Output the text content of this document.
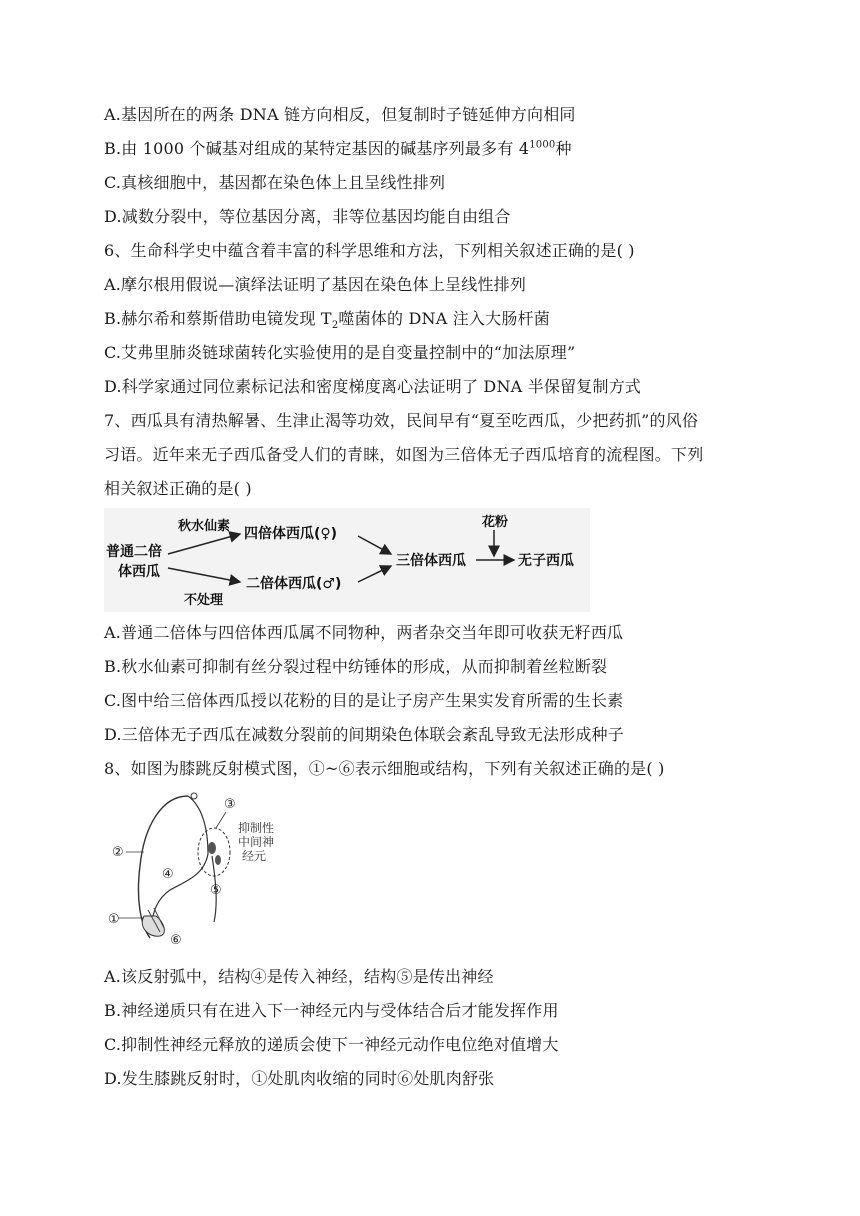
A.基因所在的两条 DNA 链方向相反，但复制时子链延伸方向相同
B.由 1000 个碱基对组成的某特定基因的碱基序列最多有 $4^{1000}$种
C.真核细胞中，基因都在染色体上且呈线性排列
D.减数分裂中，等位基因分离，非等位基因均能自由组合
6、生命科学史中蕴含着丰富的科学思维和方法，下列相关叙述正确的是( )
A.摩尔根用假说—演绎法证明了基因在染色体上呈线性排列
B.赫尔希和蔡斯借助电镜发现 $T_2$噬菌体的 DNA 注入大肠杆菌
C.艾弗里肺炎链球菌转化实验使用的是自变量控制中的“加法原理”
D.科学家通过同位素标记法和密度梯度离心法证明了 DNA 半保留复制方式
7、西瓜具有清热解暑、生津止渴等功效，民间早有“夏至吃西瓜，少把药抓”的风俗
习语。近年来无子西瓜备受人们的青睐，如图为三倍体无子西瓜培育的流程图。下列
相关叙述正确的是( )
普通二倍
体西瓜
秋水仙素 四倍体西瓜(♀)
不处理
二倍体西瓜(♂)
三倍体西瓜
花粉
无子西瓜
A.普通二倍体与四倍体西瓜属不同物种，两者杂交当年即可收获无籽西瓜
B.秋水仙素可抑制有丝分裂过程中纺锤体的形成，从而抑制着丝粒断裂
C.图中给三倍体西瓜授以花粉的目的是让子房产生果实发育所需的生长素
D.三倍体无子西瓜在减数分裂前的间期染色体联会紊乱导致无法形成种子
8、如图为膝跳反射模式图，①~⑥表示细胞或结构，下列有关叙述正确的是( )
①
②
③
④
⑤
⑥
抑制性
中间神
经元
A.该反射弧中，结构④是传入神经，结构⑤是传出神经
B.神经递质只有在进入下一神经元内与受体结合后才能发挥作用
C.抑制性神经元释放的递质会使下一神经元动作电位绝对值增大
D.发生膝跳反射时，①处肌肉收缩的同时⑥处肌肉舒张
